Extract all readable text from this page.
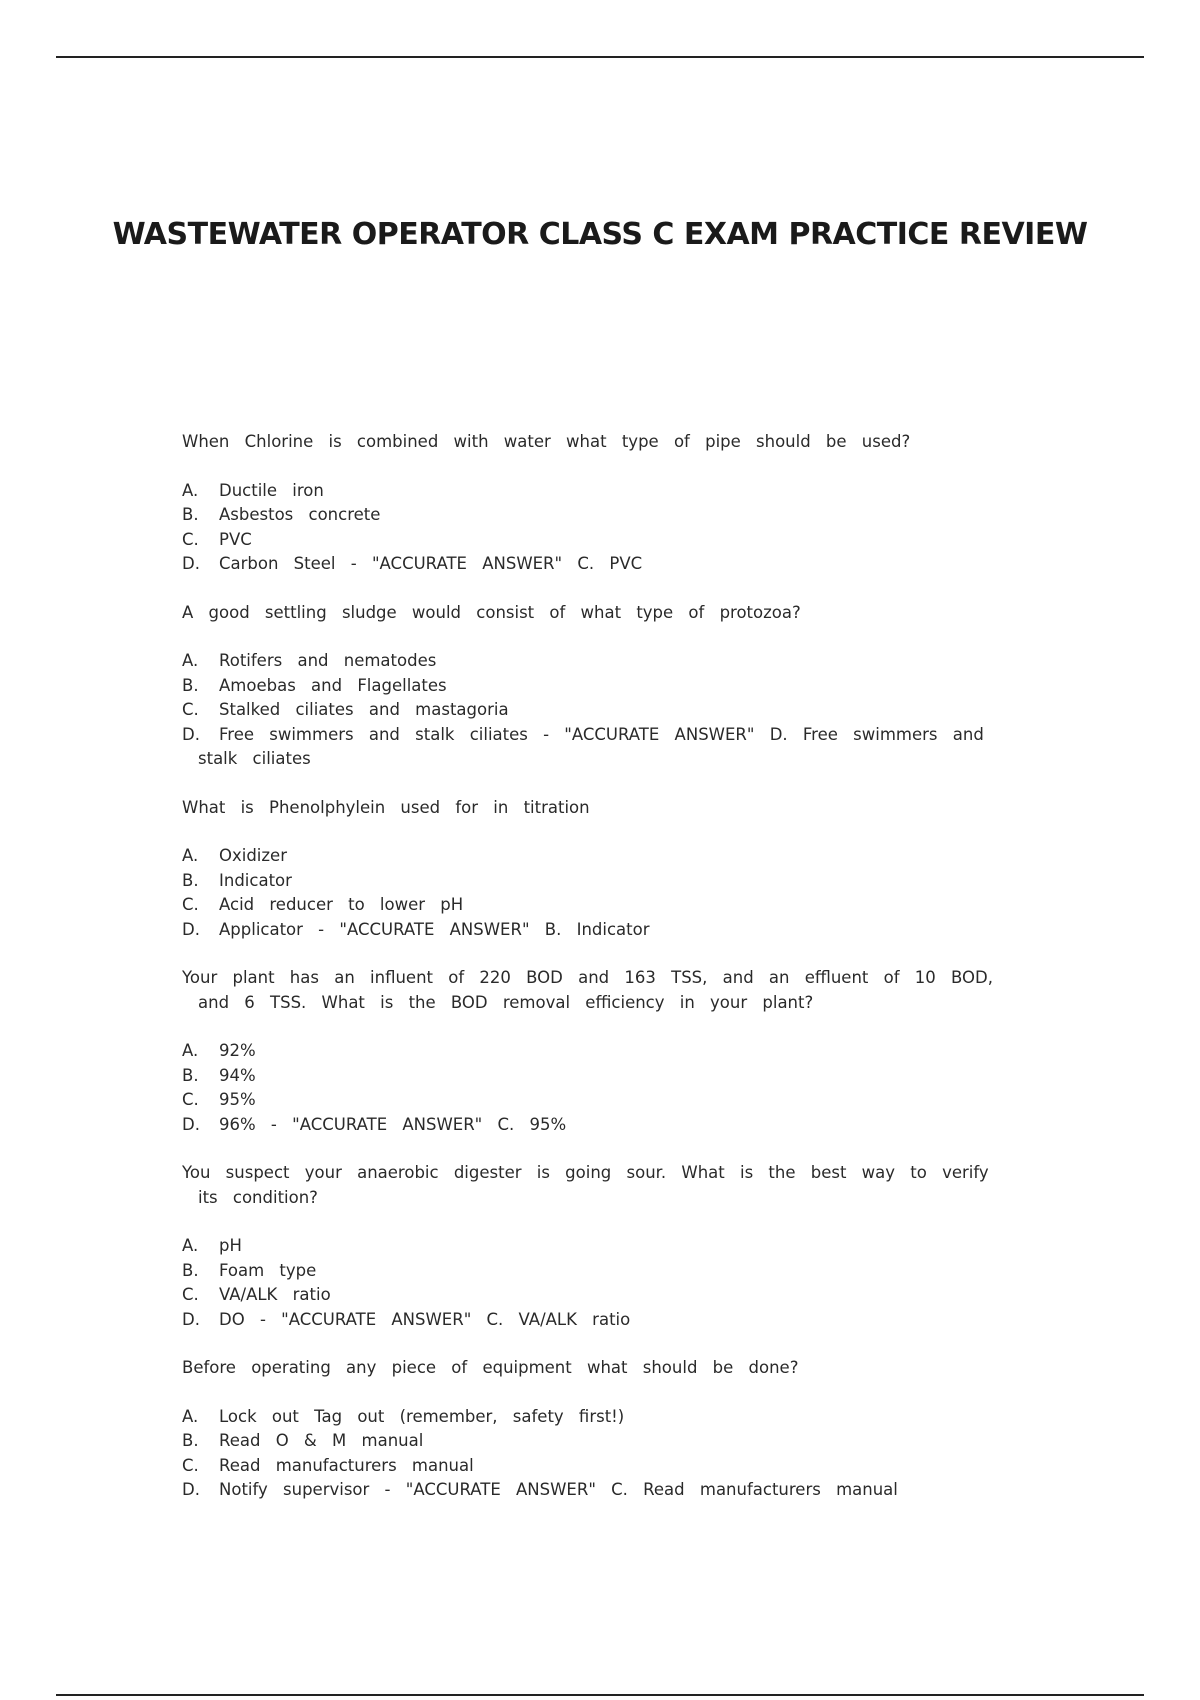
WASTEWATER OPERATOR CLASS C EXAM PRACTICE REVIEW

When Chlorine is combined with water what type of pipe should be used?

A. Ductile iron
B. Asbestos concrete
C. PVC
D. Carbon Steel - "ACCURATE ANSWER" C. PVC

A good settling sludge would consist of what type of protozoa?

A. Rotifers and nematodes
B. Amoebas and Flagellates
C. Stalked ciliates and mastagoria
D. Free swimmers and stalk ciliates - "ACCURATE ANSWER" D. Free swimmers and stalk ciliates

What is Phenolphylein used for in titration

A. Oxidizer
B. Indicator
C. Acid reducer to lower pH
D. Applicator - "ACCURATE ANSWER" B. Indicator

Your plant has an influent of 220 BOD and 163 TSS, and an effluent of 10 BOD, and 6 TSS. What is the BOD removal efficiency in your plant?

A. 92%
B. 94%
C. 95%
D. 96% - "ACCURATE ANSWER" C. 95%

You suspect your anaerobic digester is going sour. What is the best way to verify its condition?

A. pH
B. Foam type
C. VA/ALK ratio
D. DO - "ACCURATE ANSWER" C. VA/ALK ratio

Before operating any piece of equipment what should be done?

A. Lock out Tag out (remember, safety first!)
B. Read O & M manual
C. Read manufacturers manual
D. Notify supervisor - "ACCURATE ANSWER" C. Read manufacturers manual
